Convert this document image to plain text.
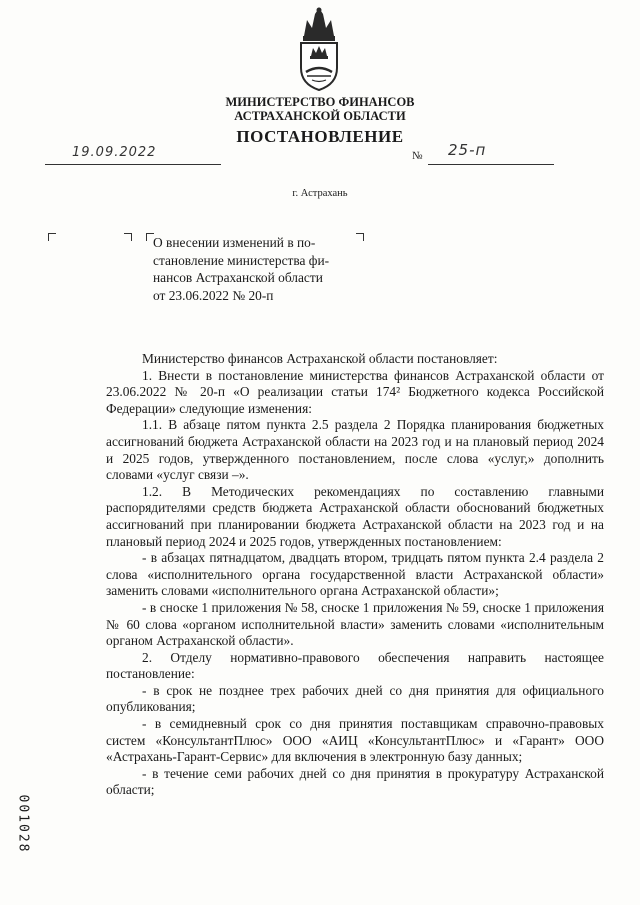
МИНИСТЕРСТВО ФИНАНСОВ
АСТРАХАНСКОЙ ОБЛАСТИ
ПОСТАНОВЛЕНИЕ
19.09.2022	№ 25-п
г. Астрахань
О внесении изменений в по-
становление министерства фи-
нансов Астраханской области
от 23.06.2022 № 20-п

Министерство финансов Астраханской области постановляет:

1. Внести в постановление министерства финансов Астраханской области от 23.06.2022 № 20-п «О реализации статьи 174² Бюджетного кодекса Российской Федерации» следующие изменения:

1.1. В абзаце пятом пункта 2.5 раздела 2 Порядка планирования бюджетных ассигнований бюджета Астраханской области на 2023 год и на плановый период 2024 и 2025 годов, утвержденного постановлением, после слова «услуг,» дополнить словами «услуг связи –».

1.2. В Методических рекомендациях по составлению главными распорядителями средств бюджета Астраханской области обоснований бюджетных ассигнований при планировании бюджета Астраханской области на 2023 год и на плановый период 2024 и 2025 годов, утвержденных постановлением:

- в абзацах пятнадцатом, двадцать втором, тридцать пятом пункта 2.4 раздела 2 слова «исполнительного органа государственной власти Астраханской области» заменить словами «исполнительного органа Астраханской области»;

- в сноске 1 приложения № 58, сноске 1 приложения № 59, сноске 1 приложения № 60 слова «органом исполнительной власти» заменить словами «исполнительным органом Астраханской области».

2. Отделу нормативно-правового обеспечения направить настоящее постановление:

- в срок не позднее трех рабочих дней со дня принятия для официального опубликования;

- в семидневный срок со дня принятия поставщикам справочно-правовых систем «КонсультантПлюс» ООО «АИЦ «КонсультантПлюс» и «Гарант» ООО «Астрахань-Гарант-Сервис» для включения в электронную базу данных;

- в течение семи рабочих дней со дня принятия в прокуратуру Астраханской области;

001028
